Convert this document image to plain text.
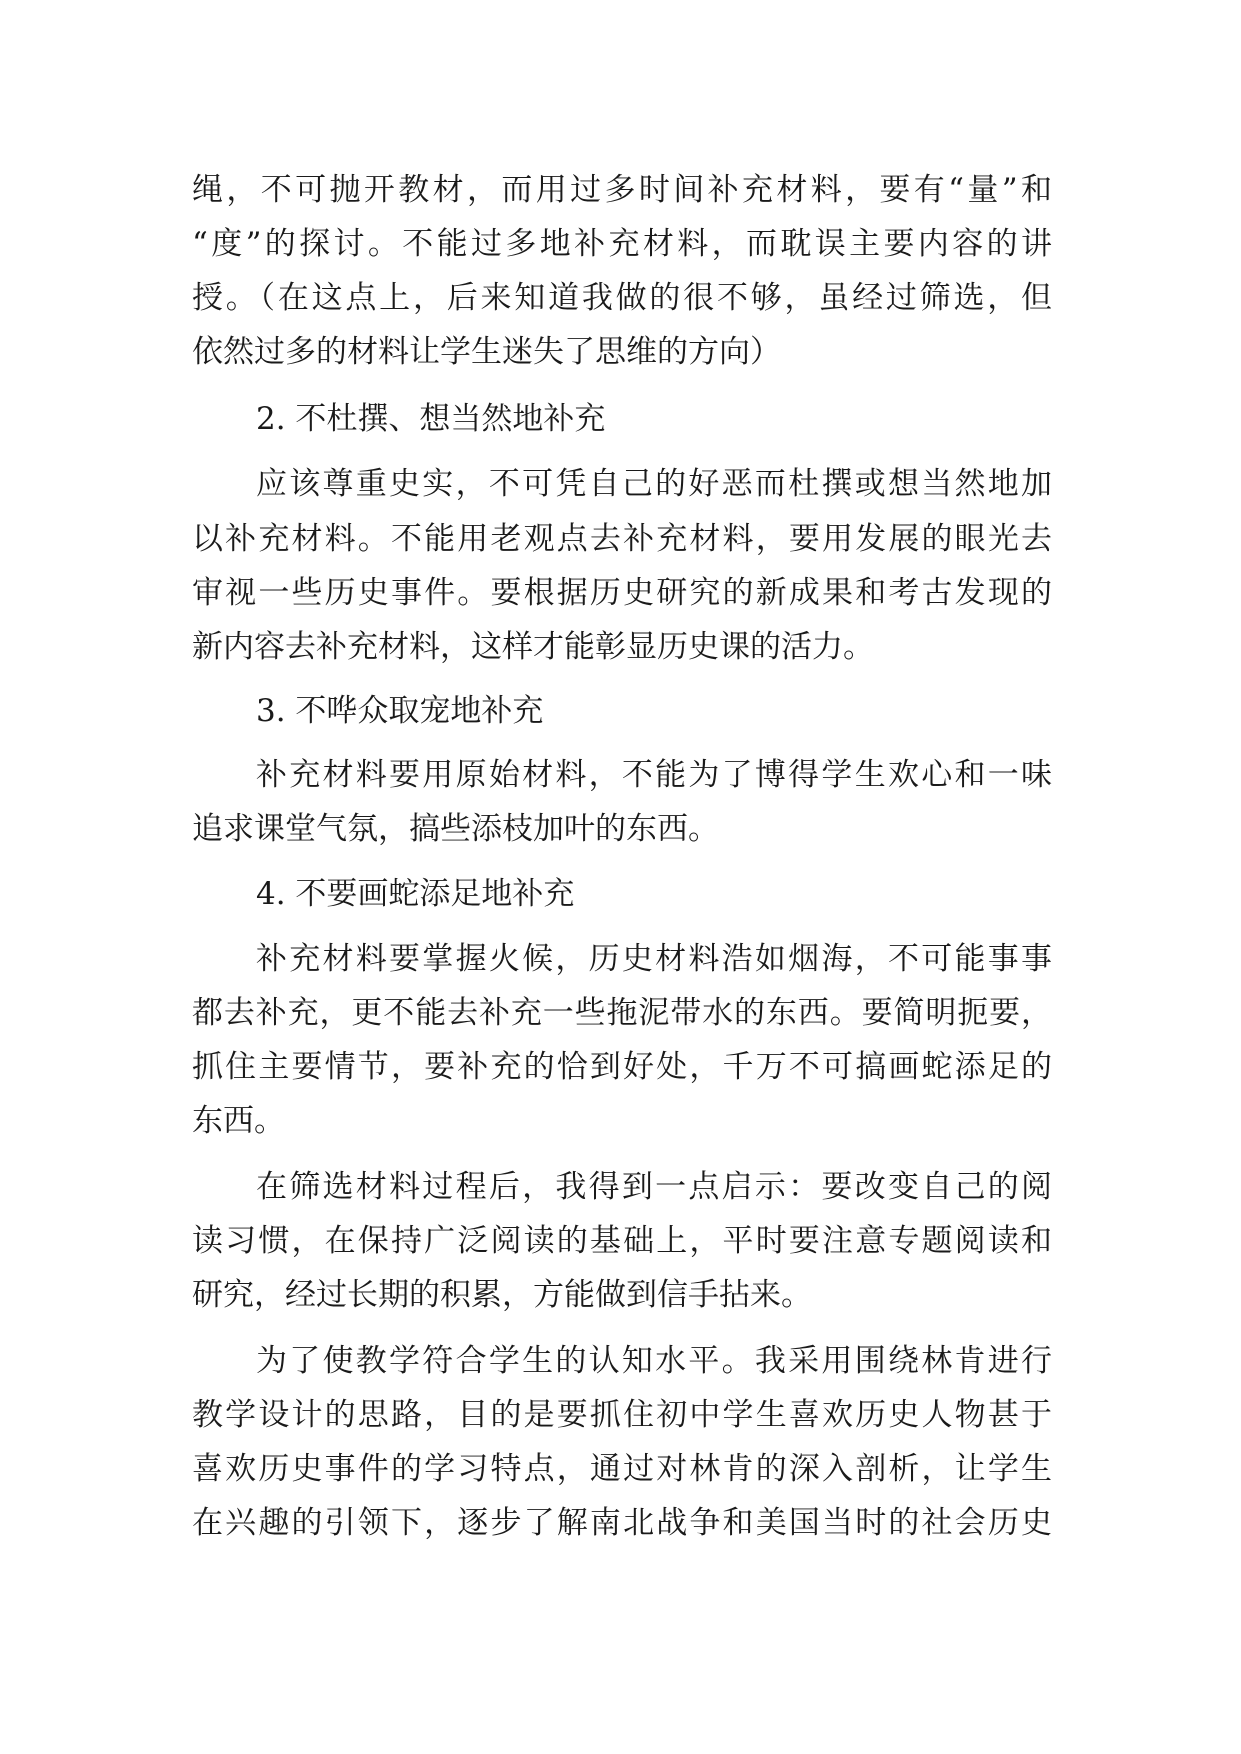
绳，不可抛开教材，而用过多时间补充材料，要有“量”和
“度”的探讨。不能过多地补充材料，而耽误主要内容的讲
授。（在这点上，后来知道我做的很不够，虽经过筛选，但
依然过多的材料让学生迷失了思维的方向）
2. 不杜撰、想当然地补充
应该尊重史实，不可凭自己的好恶而杜撰或想当然地加
以补充材料。不能用老观点去补充材料，要用发展的眼光去
审视一些历史事件。要根据历史研究的新成果和考古发现的
新内容去补充材料，这样才能彰显历史课的活力。
3. 不哗众取宠地补充
补充材料要用原始材料，不能为了博得学生欢心和一味
追求课堂气氛，搞些添枝加叶的东西。
4. 不要画蛇添足地补充
补充材料要掌握火候，历史材料浩如烟海，不可能事事
都去补充，更不能去补充一些拖泥带水的东西。要简明扼要，
抓住主要情节，要补充的恰到好处，千万不可搞画蛇添足的
东西。
在筛选材料过程后，我得到一点启示：要改变自己的阅
读习惯，在保持广泛阅读的基础上，平时要注意专题阅读和
研究，经过长期的积累，方能做到信手拈来。
为了使教学符合学生的认知水平。我采用围绕林肯进行
教学设计的思路，目的是要抓住初中学生喜欢历史人物甚于
喜欢历史事件的学习特点，通过对林肯的深入剖析，让学生
在兴趣的引领下，逐步了解南北战争和美国当时的社会历史
